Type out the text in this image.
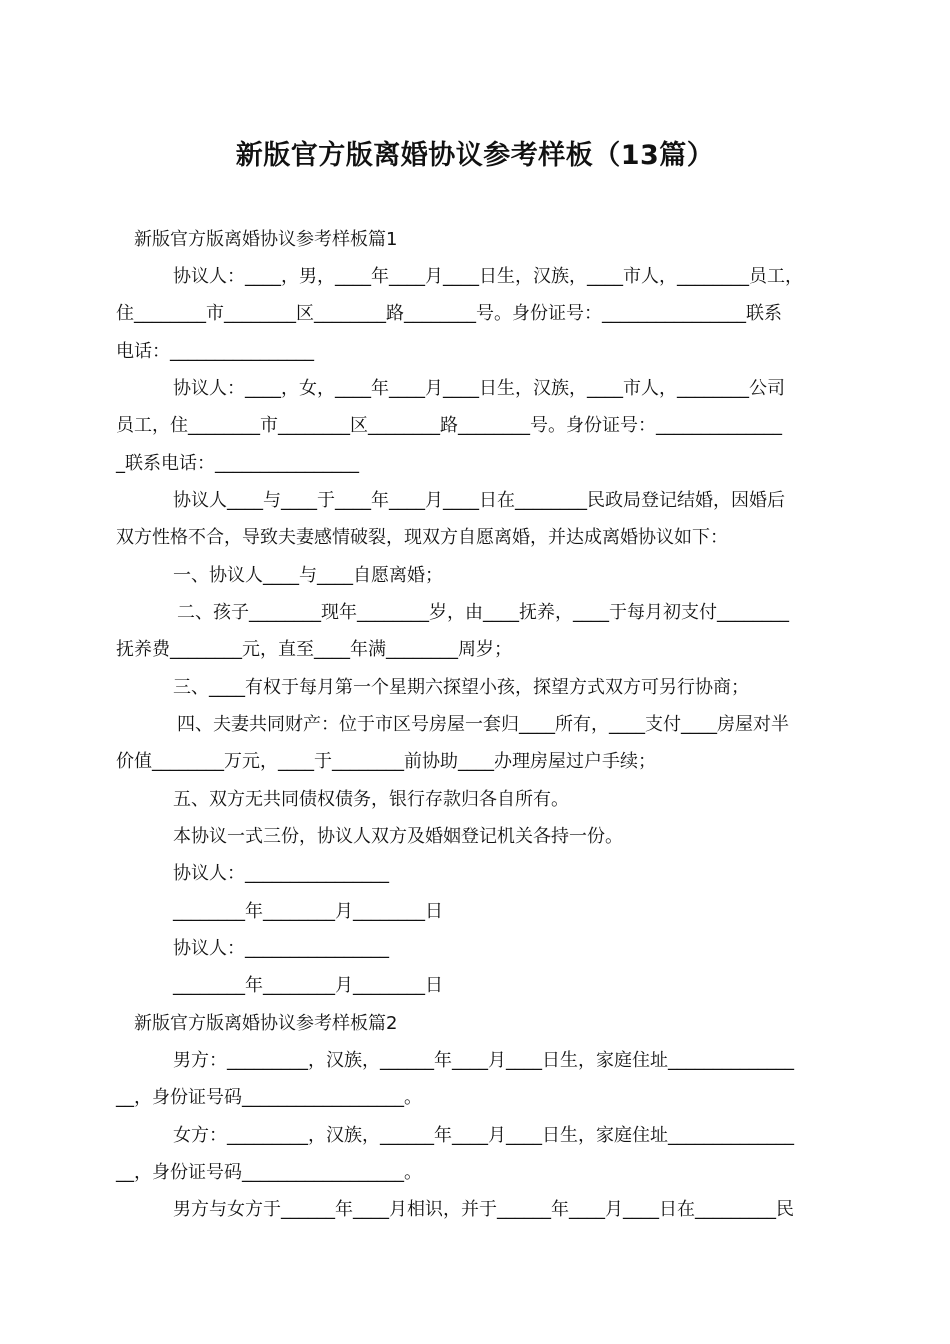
新版官方版离婚协议参考样板（13篇）
新版官方版离婚协议参考样板篇1
协议人：____，男，____年____月____日生，汉族，____市人，________员工，
住________市________区________路________号。身份证号：________________联系
电话：________________
协议人：____，女，____年____月____日生，汉族，____市人，________公司
员工，住________市________区________路________号。身份证号：______________
_联系电话：________________
协议人____与____于____年____月____日在________民政局登记结婚，因婚后
双方性格不合，导致夫妻感情破裂，现双方自愿离婚，并达成离婚协议如下：
一、协议人____与____自愿离婚；
二、孩子________现年________岁，由____抚养，____于每月初支付________
抚养费________元，直至____年满________周岁；
三、____有权于每月第一个星期六探望小孩，探望方式双方可另行协商；
四、夫妻共同财产：位于市区号房屋一套归____所有，____支付____房屋对半
价值________万元，____于________前协助____办理房屋过户手续；
五、双方无共同债权债务，银行存款归各自所有。
本协议一式三份，协议人双方及婚姻登记机关各持一份。
协议人：________________
________年________月________日
协议人：________________
________年________月________日
新版官方版离婚协议参考样板篇2
男方：_________，汉族，______年____月____日生，家庭住址______________
__，身份证号码__________________。
女方：_________，汉族，______年____月____日生，家庭住址______________
__，身份证号码__________________。
男方与女方于______年____月相识，并于______年____月____日在_________民
